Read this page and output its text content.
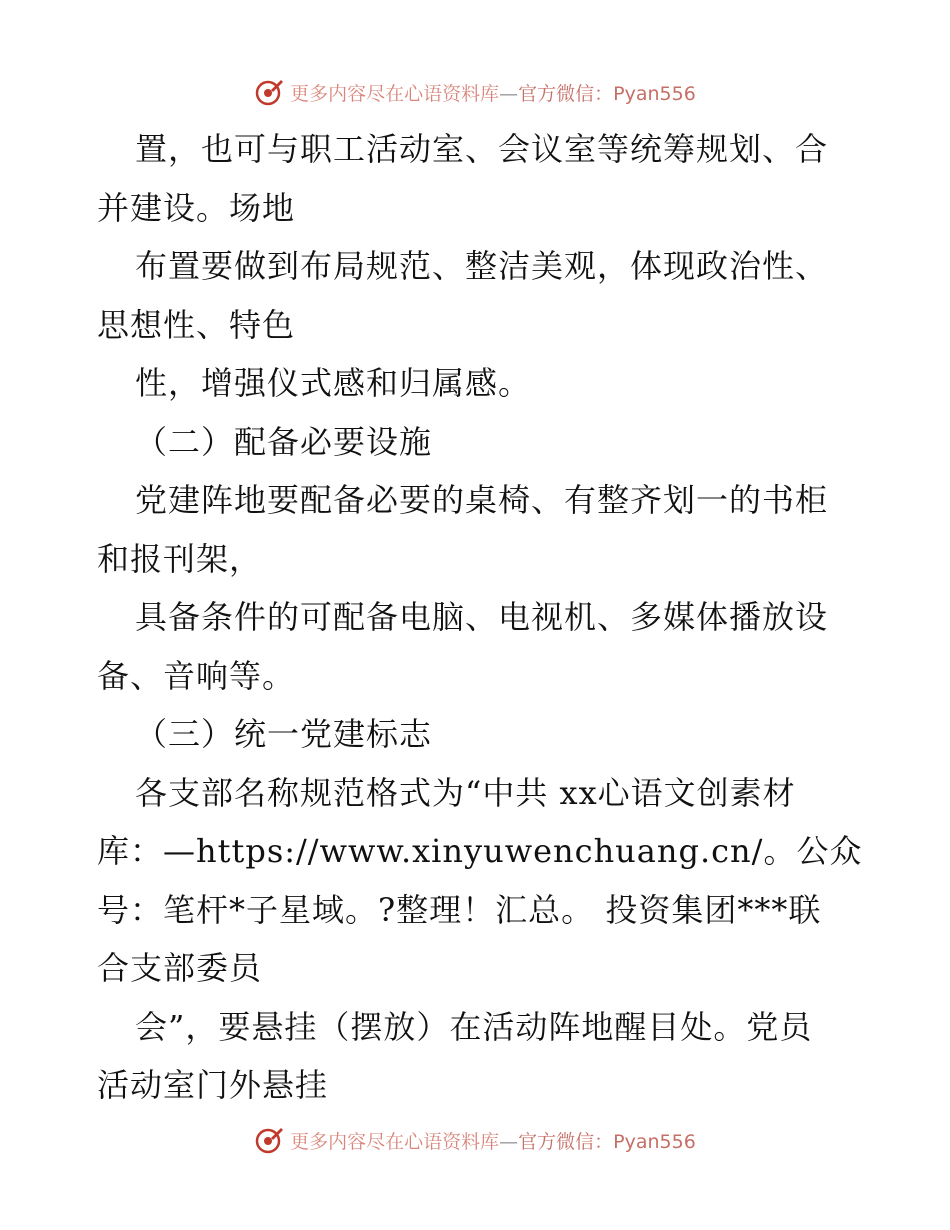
更多内容尽在心语资料库—官方微信：Pyan556
置，也可与职工活动室、会议室等统筹规划、合
并建设。场地
布置要做到布局规范、整洁美观，体现政治性、
思想性、特色
性，增强仪式感和归属感。
（二）配备必要设施
党建阵地要配备必要的桌椅、有整齐划一的书柜
和报刊架，
具备条件的可配备电脑、电视机、多媒体播放设
备、音响等。
（三）统一党建标志
各支部名称规范格式为“中共 xx心语文创素材
库：—https://www.xinyuwenchuang.cn/。公众
号：笔杆*子星域。?整理！汇总。 投资集团***联
合支部委员
会”，要悬挂（摆放）在活动阵地醒目处。党员
活动室门外悬挂
更多内容尽在心语资料库—官方微信：Pyan556
